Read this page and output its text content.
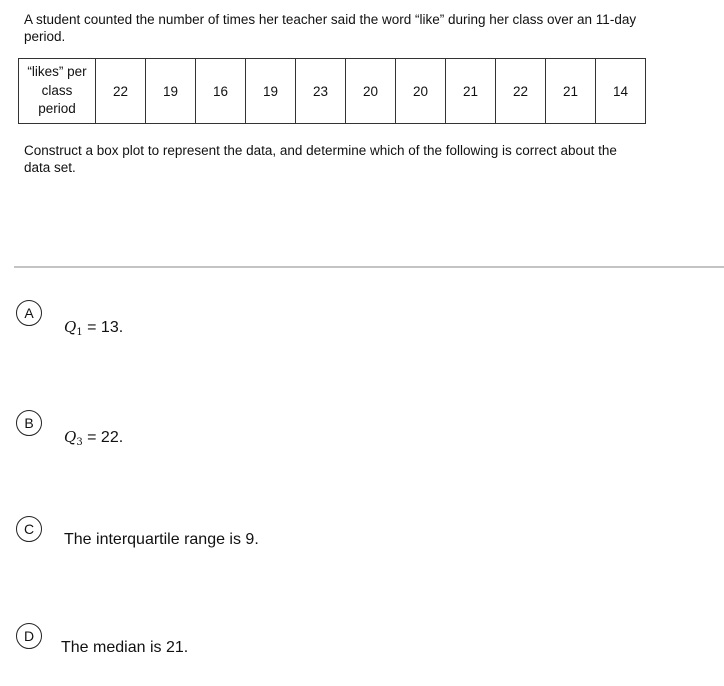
A student counted the number of times her teacher said the word “like” during her class over an 11-day period.
“likes” per
class
period	22	19	16	19	23	20	20	21	22	21	14
Construct a box plot to represent the data, and determine which of the following is correct about the data set.
A
Q1 = 13.
B
Q3 = 22.
C
The interquartile range is 9.
D
The median is 21.
